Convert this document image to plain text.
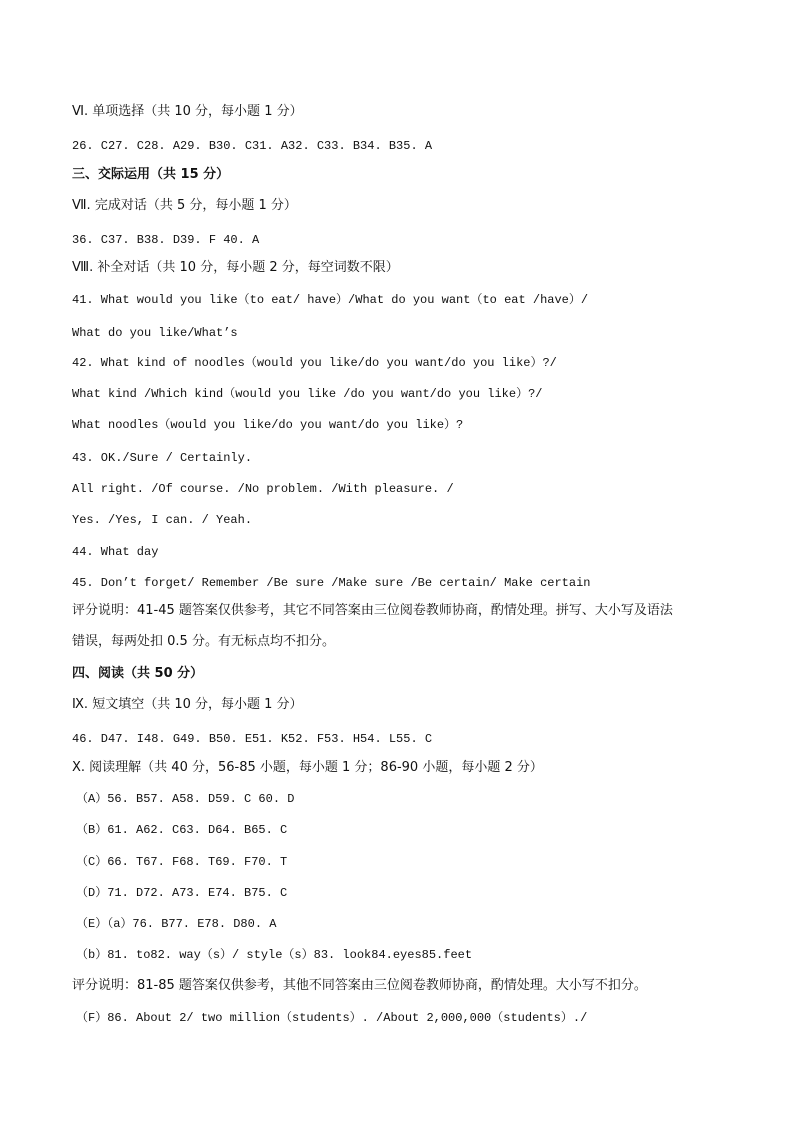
Ⅵ. 单项选择（共 10 分，每小题 1 分）
26. C27. C28. A29. B30. C31. A32. C33. B34. B35. A
三、交际运用（共 15 分）
Ⅶ. 完成对话（共 5 分，每小题 1 分）
36. C37. B38. D39. F 40. A
Ⅷ. 补全对话（共 10 分，每小题 2 分，每空词数不限）
41. What would you like（to eat/ have）/What do you want（to eat /have）/
What do you like/What’s
42. What kind of noodles（would you like/do you want/do you like）?/
What kind /Which kind（would you like /do you want/do you like）?/
What noodles（would you like/do you want/do you like）?
43. OK./Sure / Certainly.
All right. /Of course. /No problem. /With pleasure. /
Yes. /Yes, I can. / Yeah.
44. What day
45. Don’t forget/ Remember /Be sure /Make sure /Be certain/ Make certain
评分说明：41-45 题答案仅供参考，其它不同答案由三位阅卷教师协商，酌情处理。拼写、大小写及语法
错误，每两处扣 0.5 分。有无标点均不扣分。
四、阅读（共 50 分）
Ⅸ. 短文填空（共 10 分，每小题 1 分）
46. D47. I48. G49. B50. E51. K52. F53. H54. L55. C
Ⅹ. 阅读理解（共 40 分，56-85 小题，每小题 1 分；86-90 小题，每小题 2 分）
（A）56. B57. A58. D59. C 60. D
（B）61. A62. C63. D64. B65. C
（C）66. T67. F68. T69. F70. T
（D）71. D72. A73. E74. B75. C
（E）（a）76. B77. E78. D80. A
（b）81. to82. way（s）/ style（s）83. look84.eyes85.feet
评分说明：81-85 题答案仅供参考，其他不同答案由三位阅卷教师协商，酌情处理。大小写不扣分。
（F）86. About 2/ two million（students）. /About 2,000,000（students）./
